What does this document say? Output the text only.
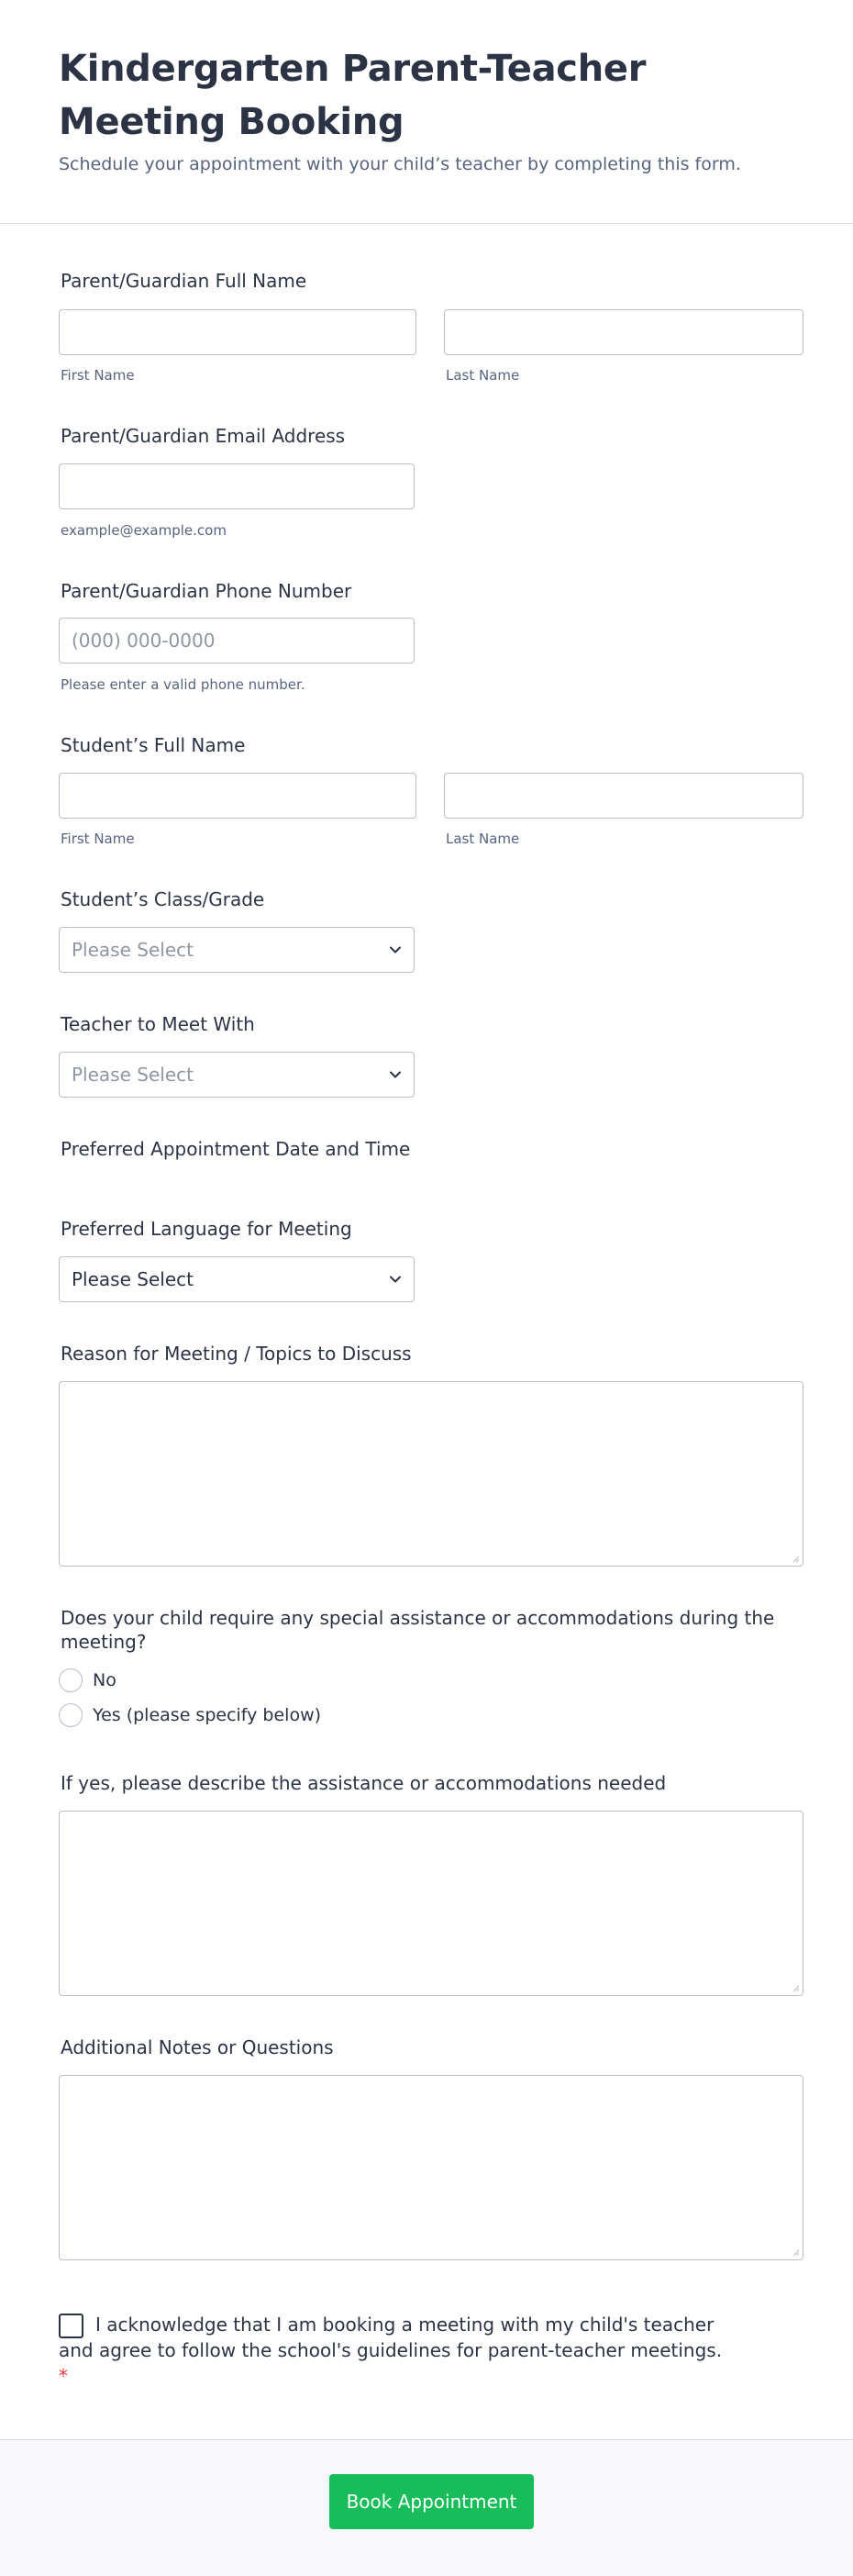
Kindergarten Parent-Teacher Meeting Booking

Schedule your appointment with your child’s teacher by completing this form.

Parent/Guardian Full Name
First Name	Last Name
Parent/Guardian Email Address
example@example.com
Parent/Guardian Phone Number
(000) 000-0000
Please enter a valid phone number.
Student’s Full Name
First Name	Last Name
Student’s Class/Grade
Please Select
Teacher to Meet With
Please Select
Preferred Appointment Date and Time
Preferred Language for Meeting
Please Select
Reason for Meeting / Topics to Discuss
Does your child require any special assistance or accommodations during the meeting?
No
Yes (please specify below)
If yes, please describe the assistance or accommodations needed
Additional Notes or Questions

I acknowledge that I am booking a meeting with my child's teacher and agree to follow the school's guidelines for parent-teacher meetings.  *

Book Appointment
